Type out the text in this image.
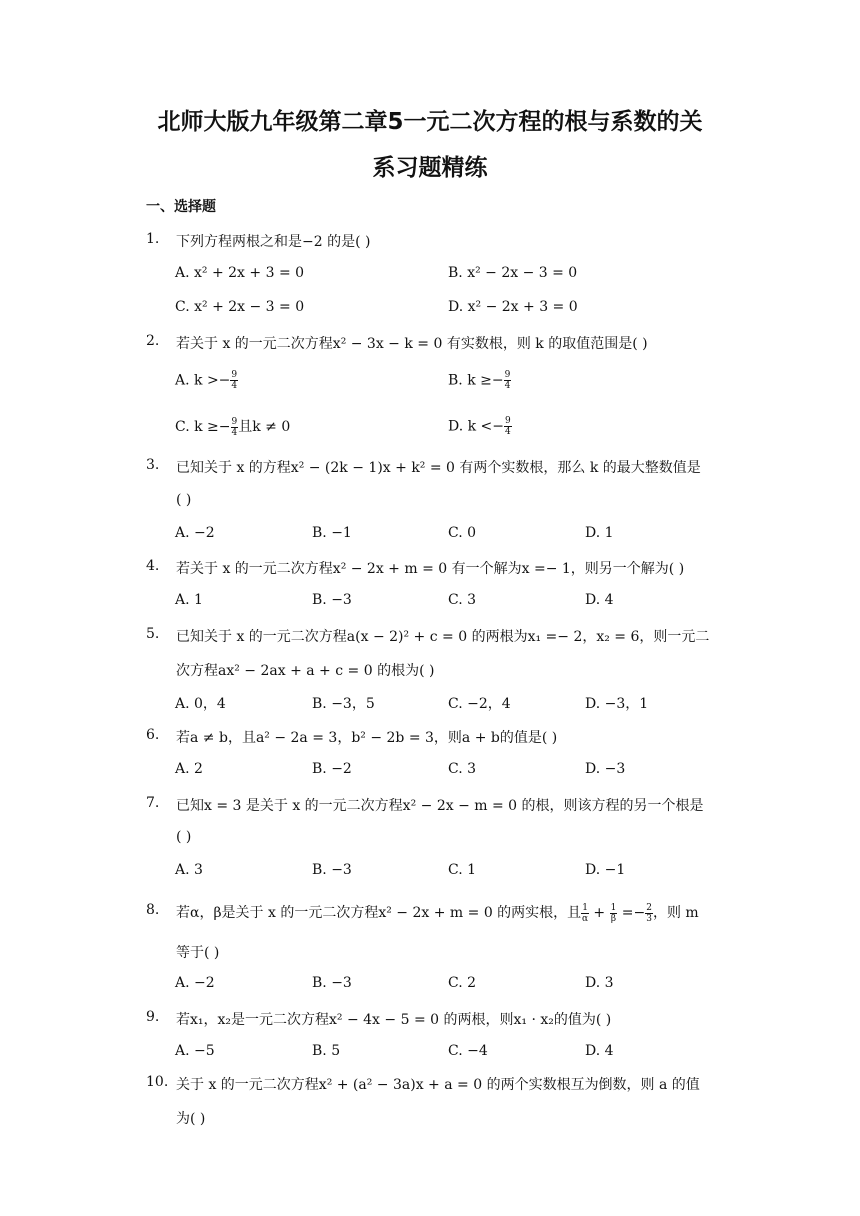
北师大版九年级第二章5一元二次方程的根与系数的关
系习题精练
一、选择题
1.	下列方程两根之和是−2 的是( )
A. x² + 2x + 3 = 0	B. x² − 2x − 3 = 0
C. x² + 2x − 3 = 0	D. x² − 2x + 3 = 0
2.	若关于 x 的一元二次方程x² − 3x − k = 0 有实数根，则 k 的取值范围是( )
A. $k >- \frac{9}{4}$	B. $k \ge- \frac{9}{4}$
C. $k \ge- \frac{9}{4}$ 且k ≠ 0	D. $k <- \frac{9}{4}$
3.	已知关于 x 的方程x² − (2k − 1)x + k² = 0 有两个实数根，那么 k 的最大整数值是
( )
A. −2	B. −1	C. 0	D. 1
4.	若关于 x 的一元二次方程x² − 2x + m = 0 有一个解为x =− 1，则另一个解为( )
A. 1	B. −3	C. 3	D. 4
5.	已知关于 x 的一元二次方程a(x − 2)² + c = 0 的两根为x₁ =− 2，x₂ = 6，则一元二
次方程ax² − 2ax + a + c = 0 的根为( )
A. 0，4	B. −3，5	C. −2，4	D. −3，1
6.	若a ≠ b，且a² − 2a = 3，b² − 2b = 3，则a + b的值是( )
A. 2	B. −2	C. 3	D. −3
7.	已知x = 3 是关于 x 的一元二次方程x² − 2x − m = 0 的根，则该方程的另一个根是
( )
A. 3	B. −3	C. 1	D. −1
8.	若α，β是关于 x 的一元二次方程x² − 2x + m = 0 的两实根，且 $\frac{1}{\alpha} + \frac{1}{\beta} =- \frac{2}{3}$ ，则 m
等于( )
A. −2	B. −3	C. 2	D. 3
9.	若x₁，x₂是一元二次方程x² − 4x − 5 = 0 的两根，则x₁ · x₂的值为( )
A. −5	B. 5	C. −4	D. 4
10. 关于 x 的一元二次方程x² + (a² − 3a)x + a = 0 的两个实数根互为倒数，则 a 的值
为( )
